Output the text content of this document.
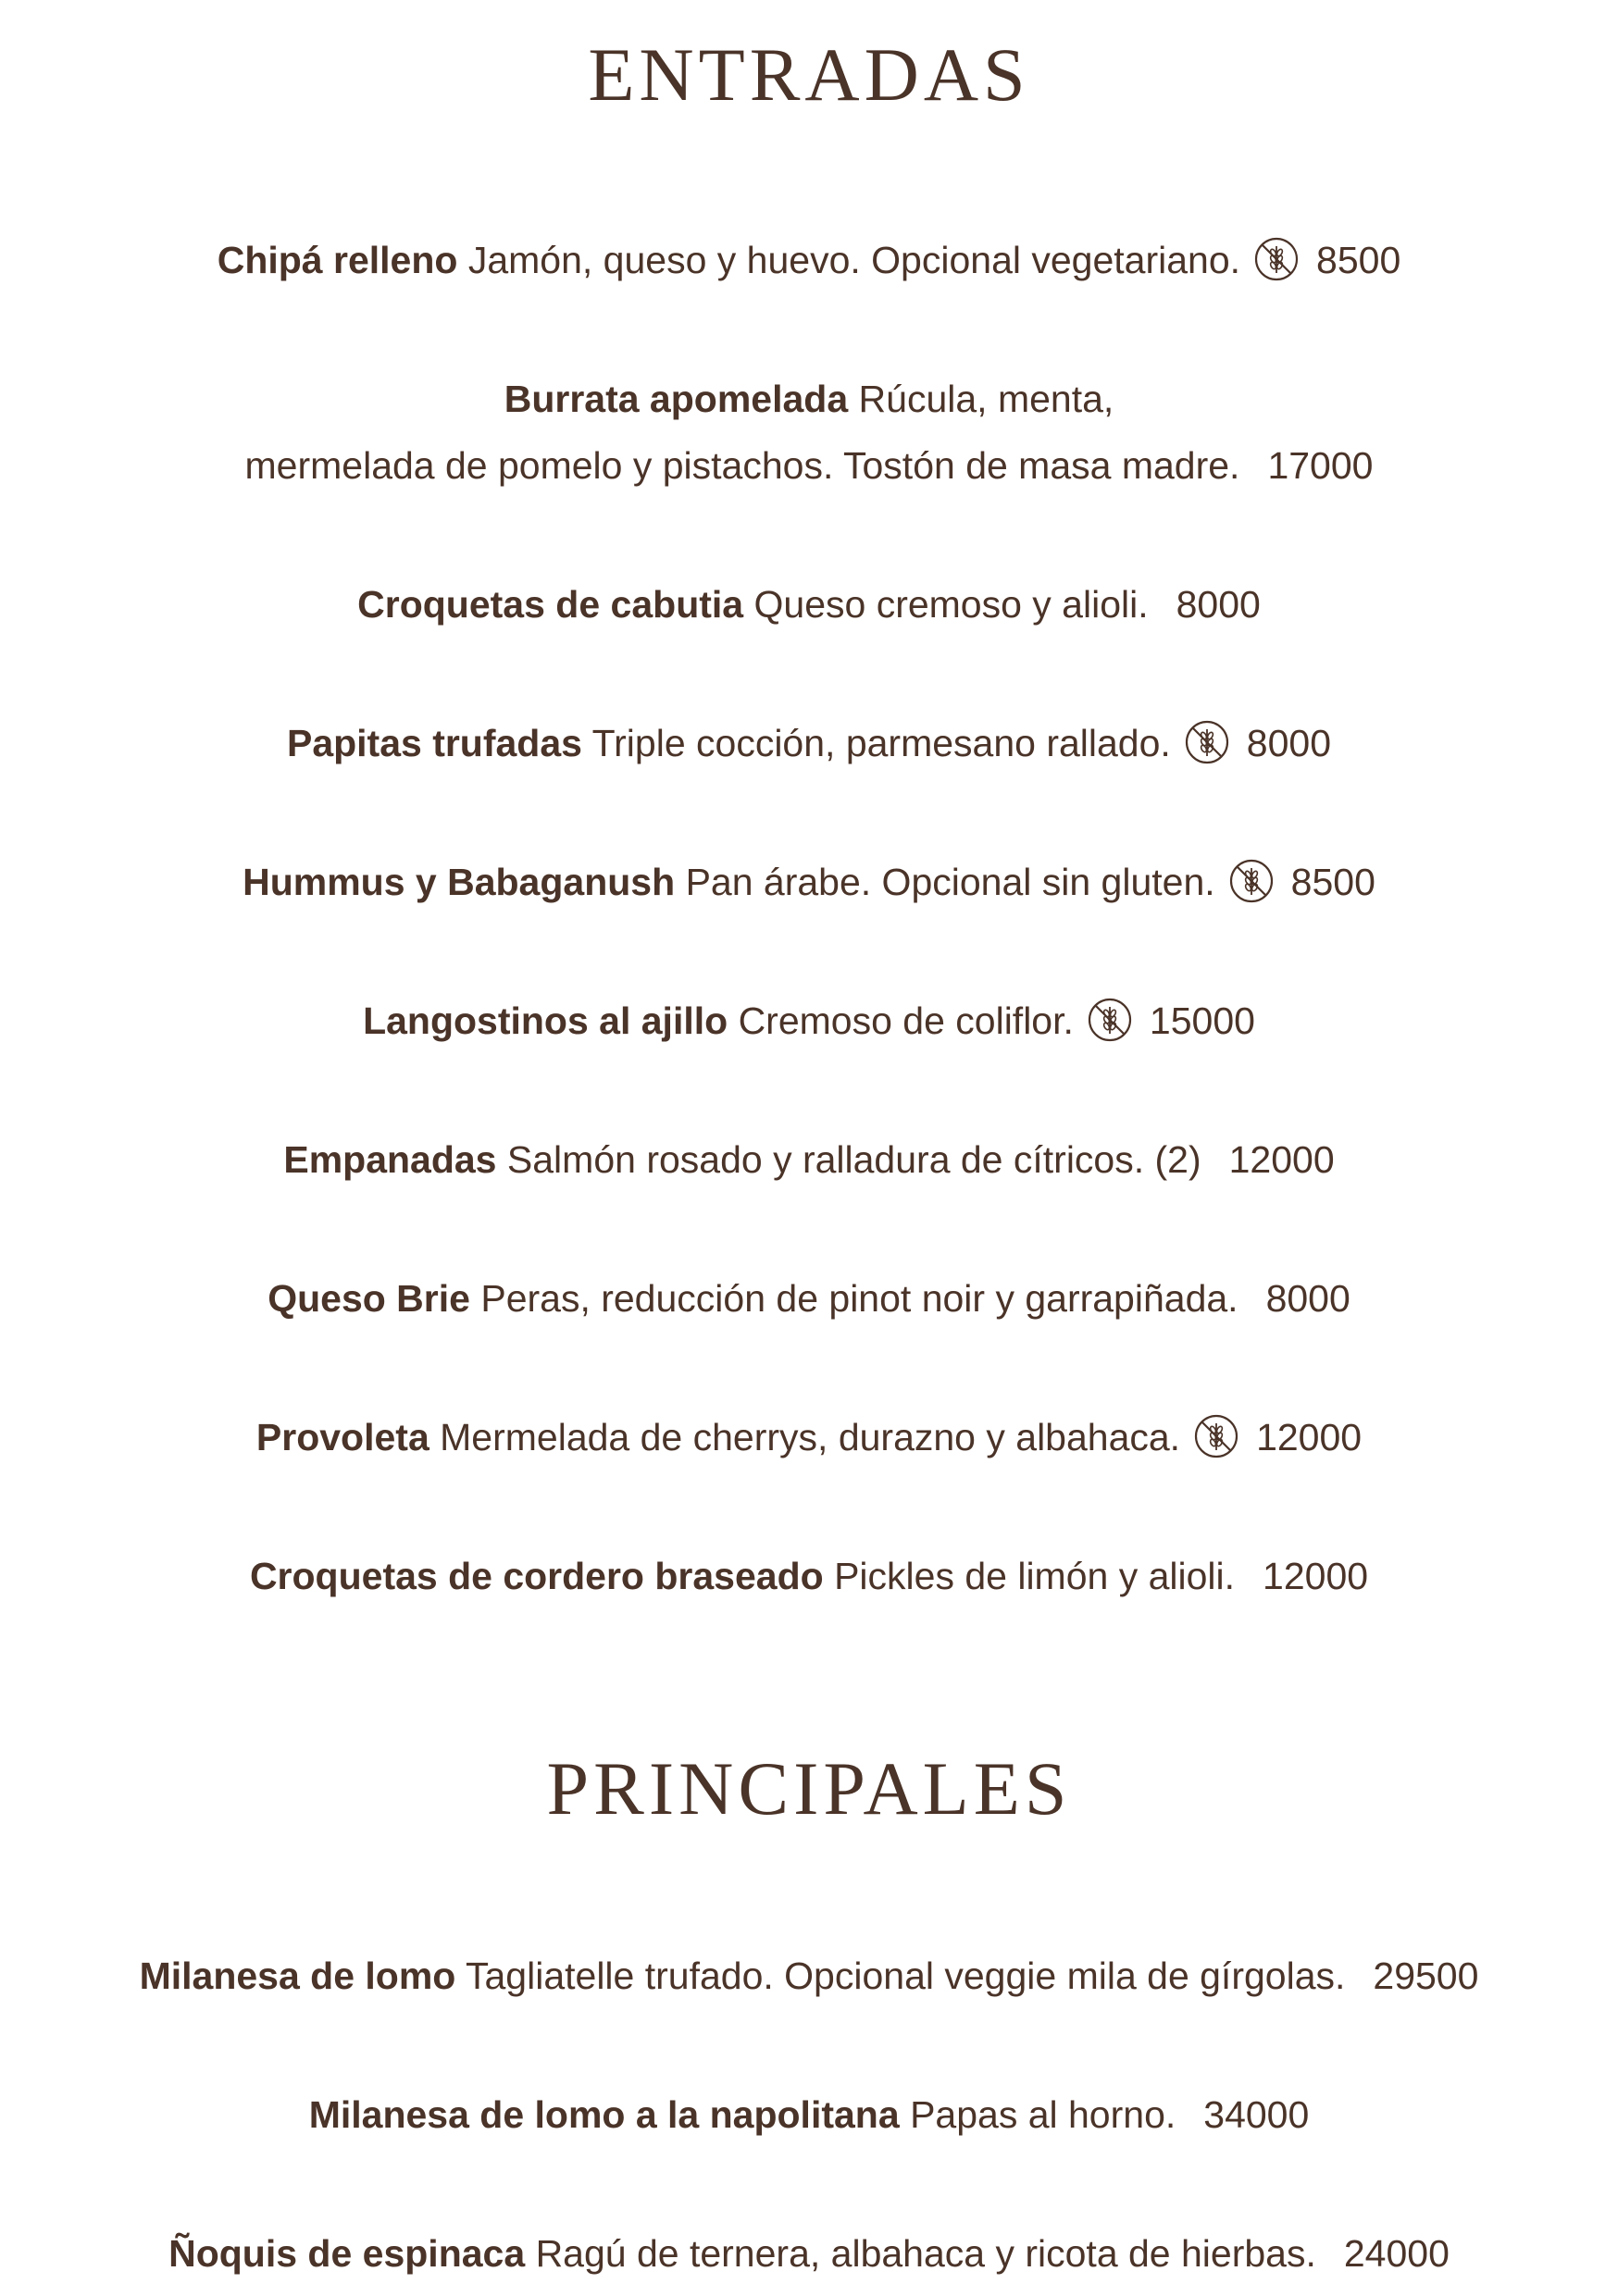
ENTRADAS
Chipá relleno Jamón, queso y huevo. Opcional vegetariano. 8500
Burrata apomelada Rúcula, menta,
mermelada de pomelo y pistachos. Tostón de masa madre. 17000
Croquetas de cabutia Queso cremoso y alioli. 8000
Papitas trufadas Triple cocción, parmesano rallado. 8000
Hummus y Babaganush Pan árabe. Opcional sin gluten. 8500
Langostinos al ajillo Cremoso de coliflor. 15000
Empanadas Salmón rosado y ralladura de cítricos. (2) 12000
Queso Brie Peras, reducción de pinot noir y garrapiñada. 8000
Provoleta Mermelada de cherrys, durazno y albahaca. 12000
Croquetas de cordero braseado Pickles de limón y alioli. 12000
PRINCIPALES
Milanesa de lomo Tagliatelle trufado. Opcional veggie mila de gírgolas. 29500
Milanesa de lomo a la napolitana Papas al horno. 34000
Ñoquis de espinaca Ragú de ternera, albahaca y ricota de hierbas. 24000
